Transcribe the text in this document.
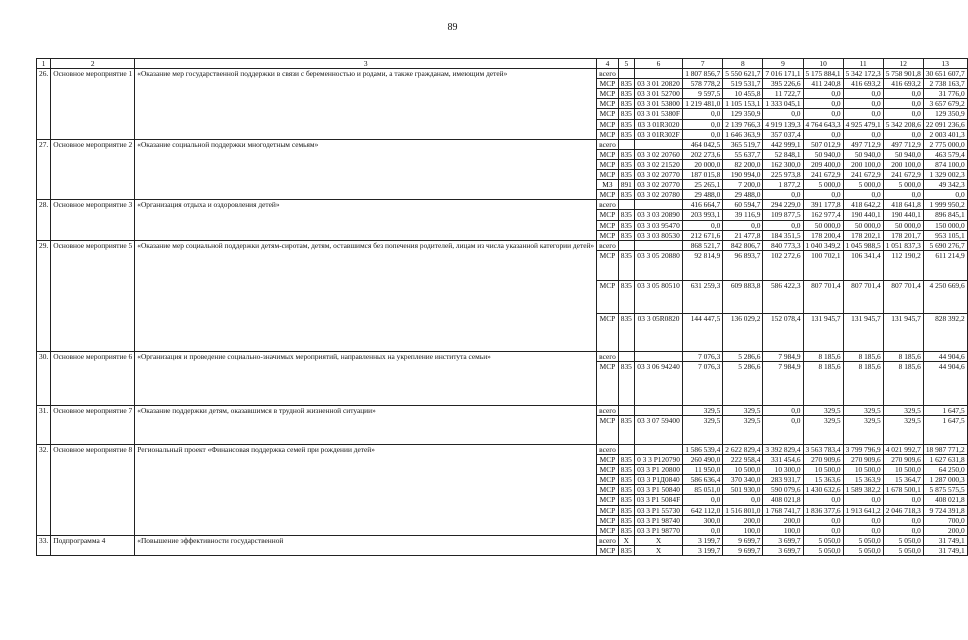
89
1	2	3	4	5	6	7	8	9	10	11	12	13
26.	Основное мероприятие 1	«Оказание мер государственной поддержки в связи с беременностью и родами, а также гражданам, имеющим детей»	всего			1 807 856,7	5 550 621,7	7 016 171,1	5 175 884,1	5 342 172,3	5 758 901,8	30 651 607,7
			МСР	835	03 3 01 20820	578 778,2	519 531,7	395 226,6	411 240,8	416 693,2	416 693,2	2 738 163,7
			МСР	835	03 3 01 52700	9 597,5	10 455,8	11 722,7	0,0	0,0	0,0	31 776,0
			МСР	835	03 3 01 53800	1 219 481,0	1 105 153,1	1 333 045,1	0,0	0,0	0,0	3 657 679,2
			МСР	835	03 3 01 5380F	0,0	129 350,9	0,0	0,0	0,0	0,0	129 350,9
			МСР	835	03 3 01R3020	0,0	2 139 766,3	4 919 139,3	4 764 643,3	4 925 479,1	5 342 208,6	22 091 236,6
			МСР	835	03 3 01R302F	0,0	1 646 363,9	357 037,4	0,0	0,0	0,0	2 003 401,3
27.	Основное мероприятие 2	«Оказание социальной поддержки многодетным семьям»	всего			464 042,5	365 519,7	442 999,1	507 012,9	497 712,9	497 712,9	2 775 000,0
			МСР	835	03 3 02 20760	202 273,6	55 637,7	52 848,1	50 940,0	50 940,0	50 940,0	463 579,4
			МСР	835	03 3 02 21520	20 000,0	82 200,0	162 300,0	209 400,0	200 100,0	200 100,0	874 100,0
			МСР	835	03 3 02 20770	187 015,8	190 994,0	225 973,8	241 672,9	241 672,9	241 672,9	1 329 002,3
			МЗ	891	03 3 02 20770	25 265,1	7 200,0	1 877,2	5 000,0	5 000,0	5 000,0	49 342,3
			МСР	835	03 3 02 20780	29 488,0	29 488,0	0,0	0,0	0,0	0,0	0,0
28.	Основное мероприятие 3	«Организация отдыха и оздоровления детей»	всего			416 664,7	60 594,7	294 229,0	391 177,8	418 642,2	418 641,8	1 999 950,2
			МСР	835	03 3 03 20890	203 993,1	39 116,9	109 877,5	162 977,4	190 440,1	190 440,1	896 845,1
			МСР	835	03 3 03 95470	0,0	0,0	0,0	50 000,0	50 000,0	50 000,0	150 000,0
			МСР	835	03 3 03 80530	212 671,6	21 477,8	184 351,5	178 200,4	178 202,1	178 201,7	953 105,1
29.	Основное мероприятие 5	«Оказание мер социальной поддержки детям-сиротам, детям, оставшимся без попечения родителей, лицам из числа указанной категории детей»	всего			868 521,7	842 806,7	840 773,3	1 040 349,2	1 045 988,5	1 051 837,3	5 690 276,7
			МСР	835	03 3 05 20880	92 814,9	96 893,7	102 272,6	100 702,1	106 341,4	112 190,2	611 214,9
			МСР	835	03 3 05 80510	631 259,3	609 883,8	586 422,3	807 701,4	807 701,4	807 701,4	4 250 669,6
			МСР	835	03 3 05R0820	144 447,5	136 029,2	152 078,4	131 945,7	131 945,7	131 945,7	828 392,2
30.	Основное мероприятие 6	«Организация и проведение социально-значимых мероприятий, направленных на укрепление института семьи»	всего			7 076,3	5 286,6	7 984,9	8 185,6	8 185,6	8 185,6	44 904,6
			МСР	835	03 3 06 94240	7 076,3	5 286,6	7 984,9	8 185,6	8 185,6	8 185,6	44 904,6
31.	Основное мероприятие 7	«Оказание поддержки детям, оказавшимся в трудной жизненной ситуации»	всего			329,5	329,5	0,0	329,5	329,5	329,5	1 647,5
			МСР	835	03 3 07 59400	329,5	329,5	0,0	329,5	329,5	329,5	1 647,5
32.	Основное мероприятие 8	Региональный проект «Финансовая поддержка семей при рождении детей»	всего			1 586 539,4	2 622 829,4	3 392 829,4	3 563 783,4	3 799 796,9	4 021 992,7	18 987 771,2
			МСР	835	0 3 3 P120790	260 490,0	222 958,4	331 454,6	270 909,6	270 909,6	270 909,6	1 627 631,8
			МСР	835	03 3 P1 20800	11 950,0	10 500,0	10 300,0	10 500,0	10 500,0	10 500,0	64 250,0
			МСР	835	03 3 P1Д0840	586 636,4	370 340,0	283 931,7	15 363,6	15 363,9	15 364,7	1 287 000,3
			МСР	835	03 3 P1 50840	85 051,0	501 930,0	590 079,6	1 430 632,6	1 589 382,2	1 678 500,1	5 875 575,5
			МСР	835	03 3 P1 5084F	0,0	0,0	408 021,8	0,0	0,0	0,0	408 021,8
			МСР	835	03 3 P1 55730	642 112,0	1 516 801,0	1 768 741,7	1 836 377,6	1 913 641,2	2 046 718,3	9 724 391,8
			МСР	835	03 3 P1 98740	300,0	200,0	200,0	0,0	0,0	0,0	700,0
			МСР	835	03 3 P1 98770	0,0	100,0	100,0	0,0	0,0	0,0	200,0
33.	Подпрограмма 4	«Повышение эффективности государственной	всего	Х	Х	3 199,7	9 699,7	3 699,7	5 050,0	5 050,0	5 050,0	31 749,1
			МСР	835	Х	3 199,7	9 699,7	3 699,7	5 050,0	5 050,0	5 050,0	31 749,1
